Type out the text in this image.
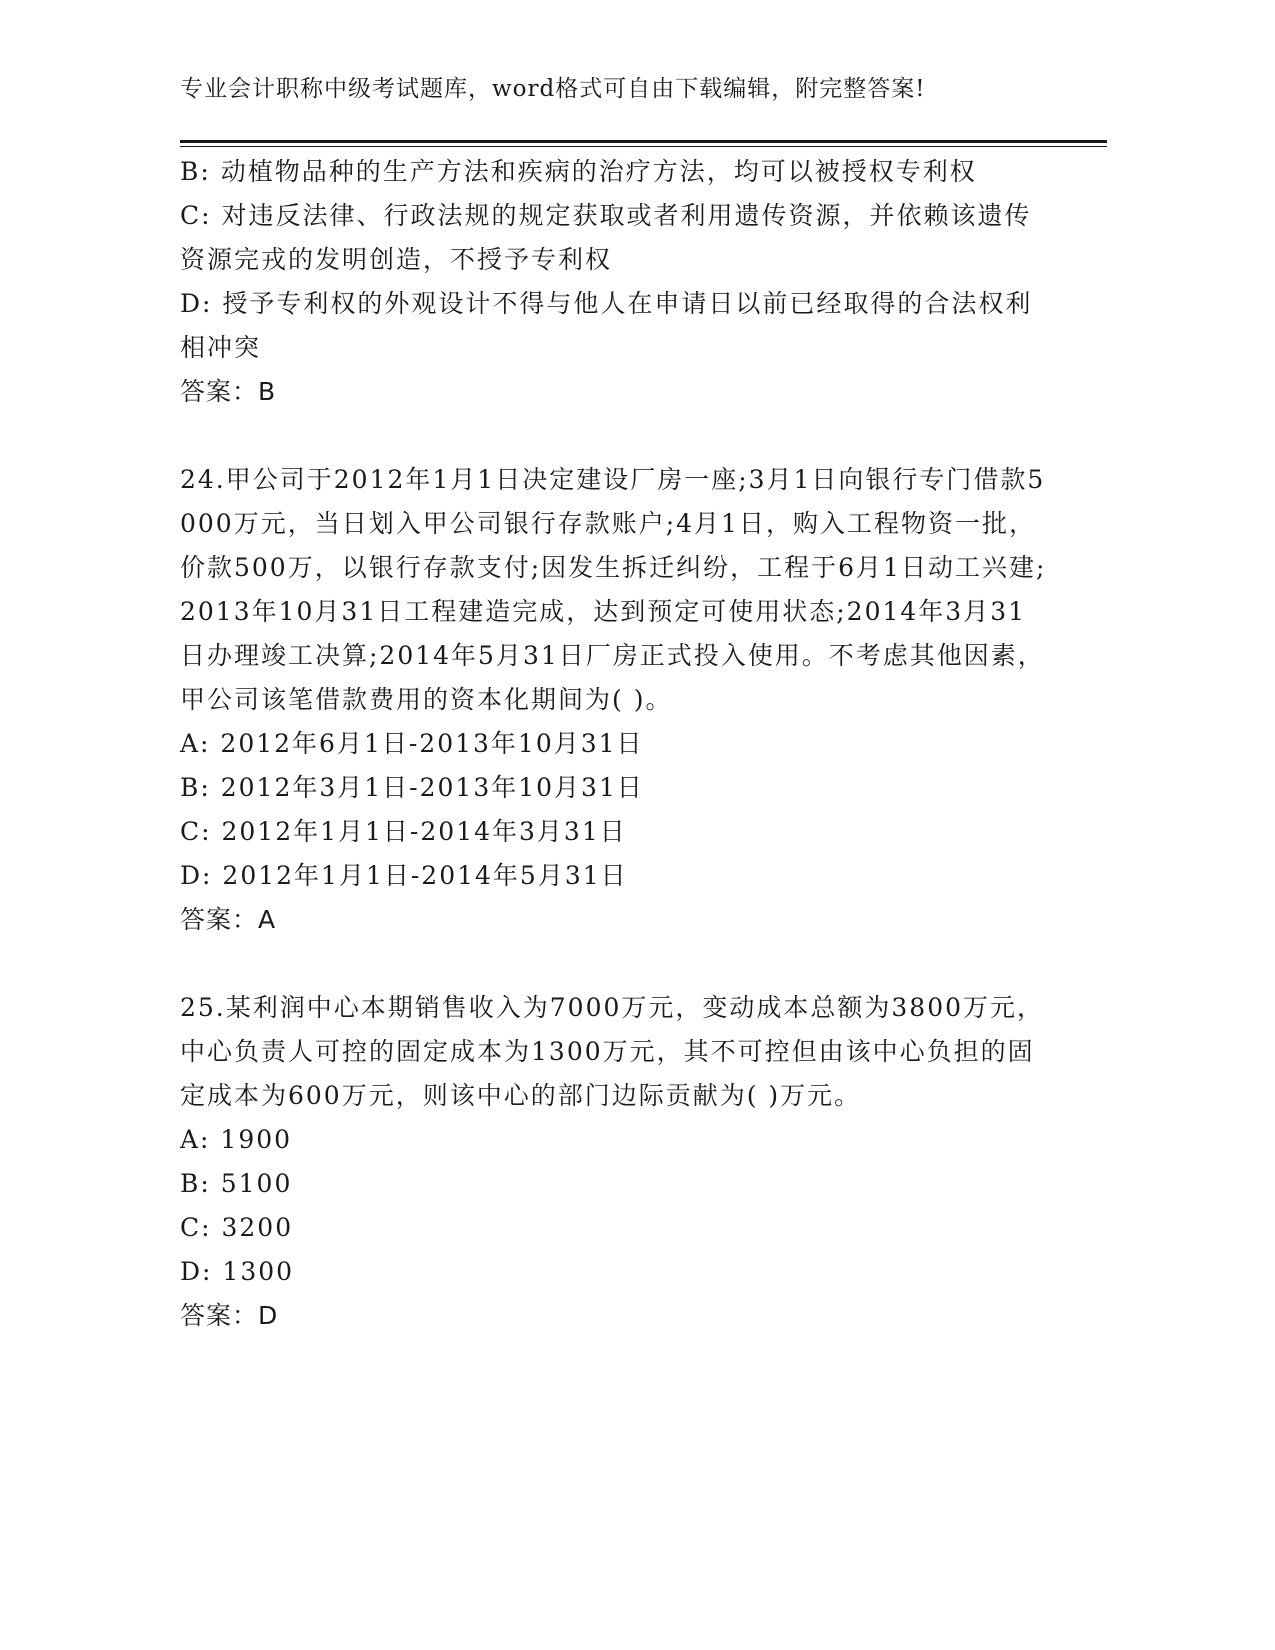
专业会计职称中级考试题库，word格式可自由下载编辑，附完整答案!
B: 动植物品种的生产方法和疾病的治疗方法，均可以被授权专利权
C: 对违反法律、行政法规的规定获取或者利用遗传资源，并依赖该遗传资源完戎的发明创造，不授予专利权
D: 授予专利权的外观设计不得与他人在申请日以前已经取得的合法权利相冲突
答案：B
24.甲公司于2012年1月1日决定建设厂房一座;3月1日向银行专门借款5000万元，当日划入甲公司银行存款账户;4月1日，购入工程物资一批，价款500万，以银行存款支付;因发生拆迁纠纷，工程于6月1日动工兴建;2013年10月31日工程建造完成，达到预定可使用状态;2014年3月31日办理竣工决算;2014年5月31日厂房正式投入使用。不考虑其他因素，甲公司该笔借款费用的资本化期间为( )。
A: 2012年6月1日-2013年10月31日
B: 2012年3月1日-2013年10月31日
C: 2012年1月1日-2014年3月31日
D: 2012年1月1日-2014年5月31日
答案：A
25.某利润中心本期销售收入为7000万元，变动成本总额为3800万元，中心负责人可控的固定成本为1300万元，其不可控但由该中心负担的固定成本为600万元，则该中心的部门边际贡献为( )万元。
A: 1900
B: 5100
C: 3200
D: 1300
答案：D
